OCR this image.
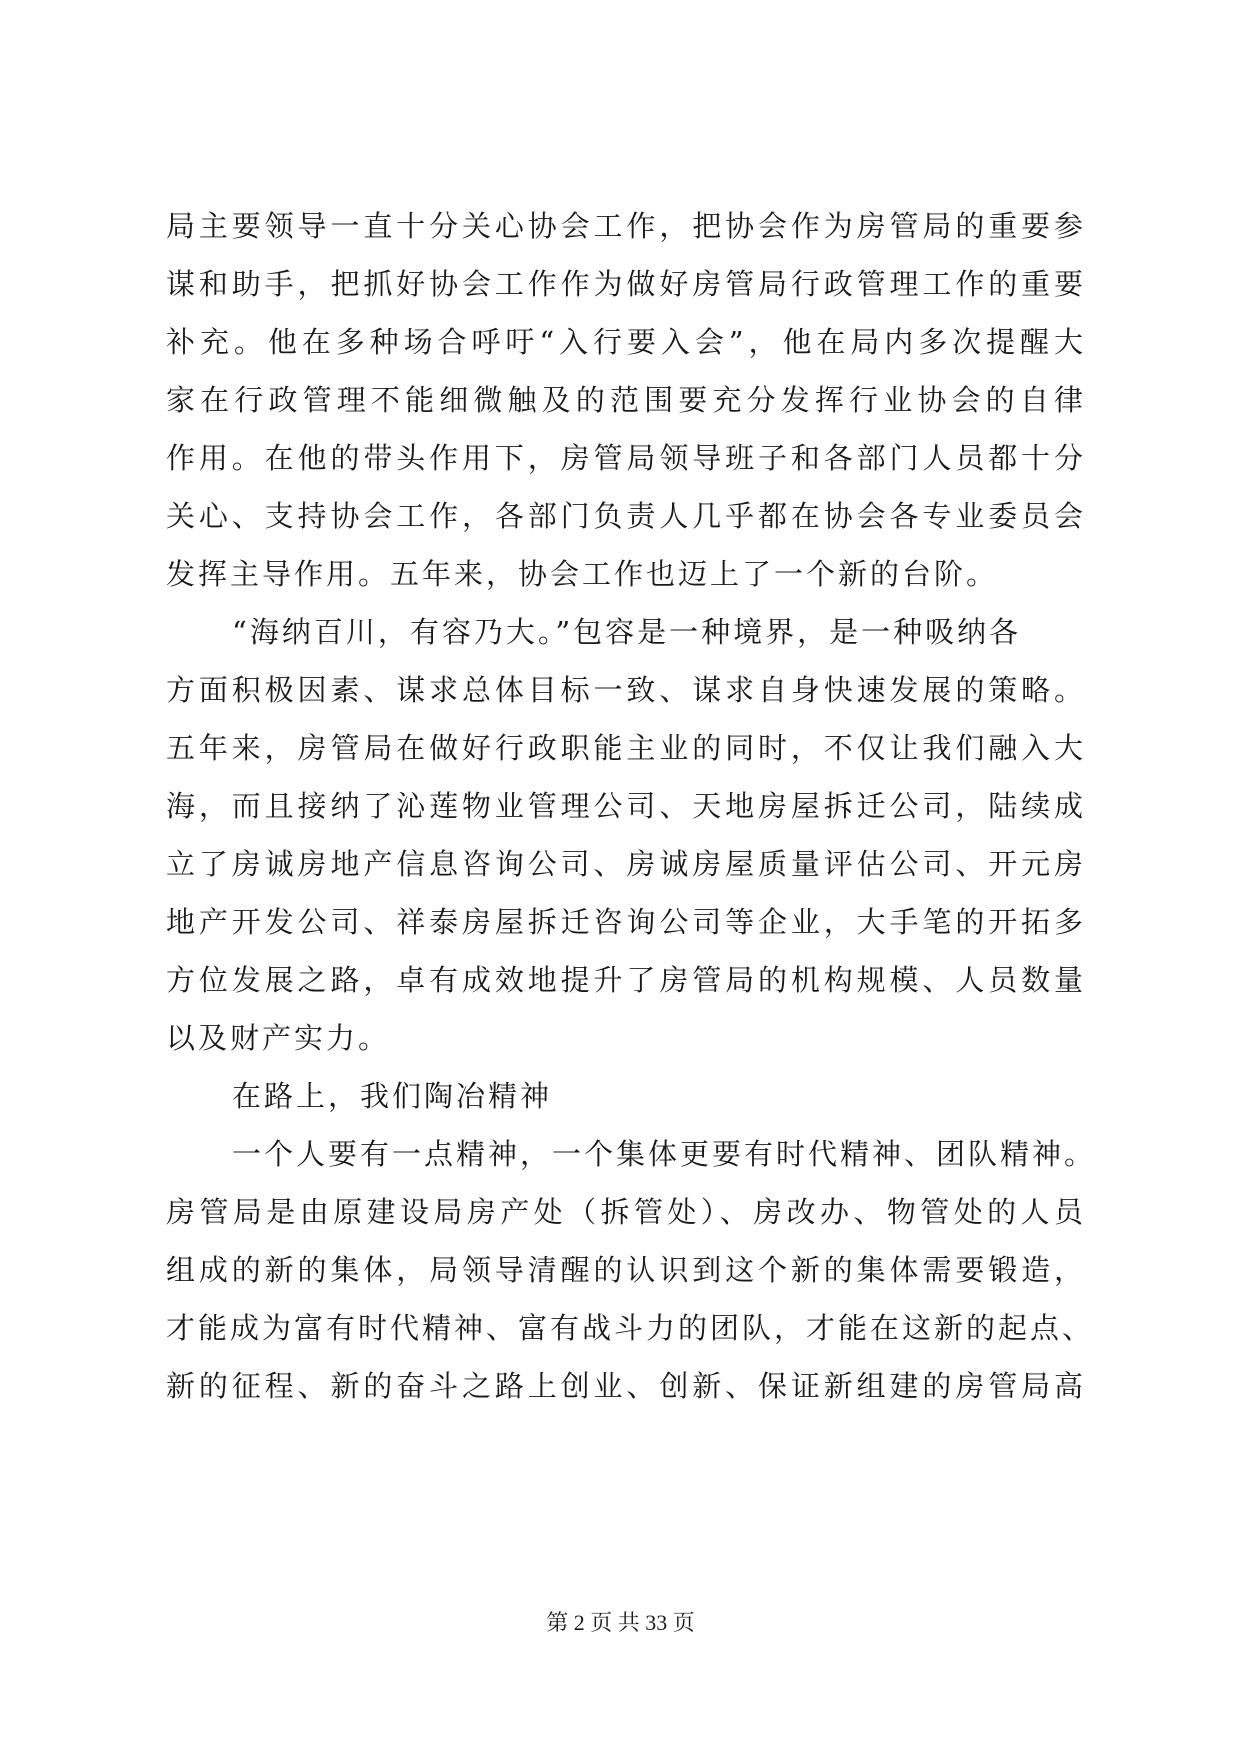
局主要领导一直十分关心协会工作，把协会作为房管局的重要参
谋和助手，把抓好协会工作作为做好房管局行政管理工作的重要
补充。他在多种场合呼吁“入行要入会”，他在局内多次提醒大
家在行政管理不能细微触及的范围要充分发挥行业协会的自律
作用。在他的带头作用下，房管局领导班子和各部门人员都十分
关心、支持协会工作，各部门负责人几乎都在协会各专业委员会
发挥主导作用。五年来，协会工作也迈上了一个新的台阶。
“海纳百川，有容乃大。”包容是一种境界，是一种吸纳各
方面积极因素、谋求总体目标一致、谋求自身快速发展的策略。
五年来，房管局在做好行政职能主业的同时，不仅让我们融入大
海，而且接纳了沁莲物业管理公司、天地房屋拆迁公司，陆续成
立了房诚房地产信息咨询公司、房诚房屋质量评估公司、开元房
地产开发公司、祥泰房屋拆迁咨询公司等企业，大手笔的开拓多
方位发展之路，卓有成效地提升了房管局的机构规模、人员数量
以及财产实力。
在路上，我们陶冶精神
一个人要有一点精神，一个集体更要有时代精神、团队精神。
房管局是由原建设局房产处（拆管处）、房改办、物管处的人员
组成的新的集体，局领导清醒的认识到这个新的集体需要锻造，
才能成为富有时代精神、富有战斗力的团队，才能在这新的起点、
新的征程、新的奋斗之路上创业、创新、保证新组建的房管局高
第 2 页 共 33 页
